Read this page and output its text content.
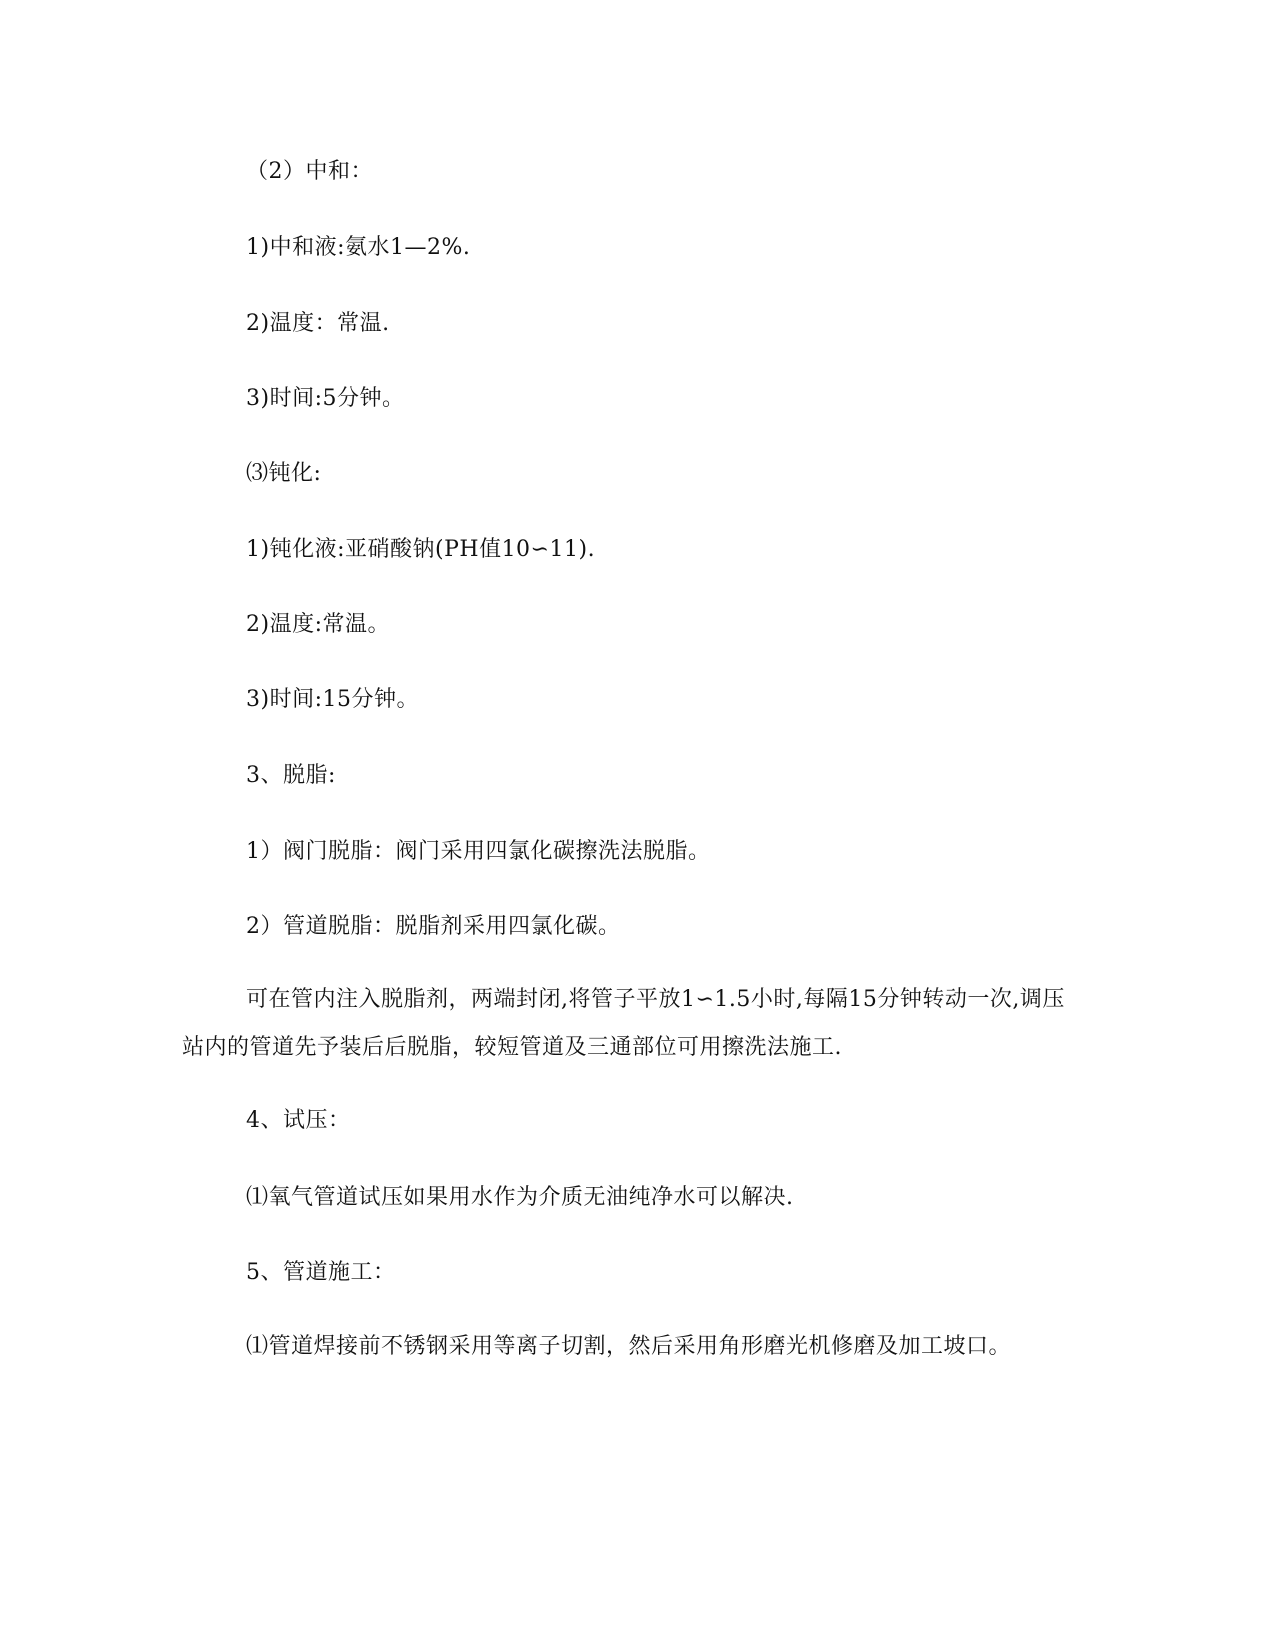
（2）中和：
1)中和液:氨水1—2%.
2)温度：常温.
3)时间:5分钟。
⑶钝化:
1)钝化液:亚硝酸钠(PH值10∽11).
2)温度:常温。
3)时间:15分钟。
3、脱脂:
1）阀门脱脂：阀门采用四氯化碳擦洗法脱脂。
2）管道脱脂：脱脂剂采用四氯化碳。
可在管内注入脱脂剂，两端封闭,将管子平放1∽1.5小时,每隔15分钟转动一次,调压站内的管道先予装后后脱脂，较短管道及三通部位可用擦洗法施工.
4、试压：
⑴氧气管道试压如果用水作为介质无油纯净水可以解决.
5、管道施工：
⑴管道焊接前不锈钢采用等离子切割，然后采用角形磨光机修磨及加工坡口。
